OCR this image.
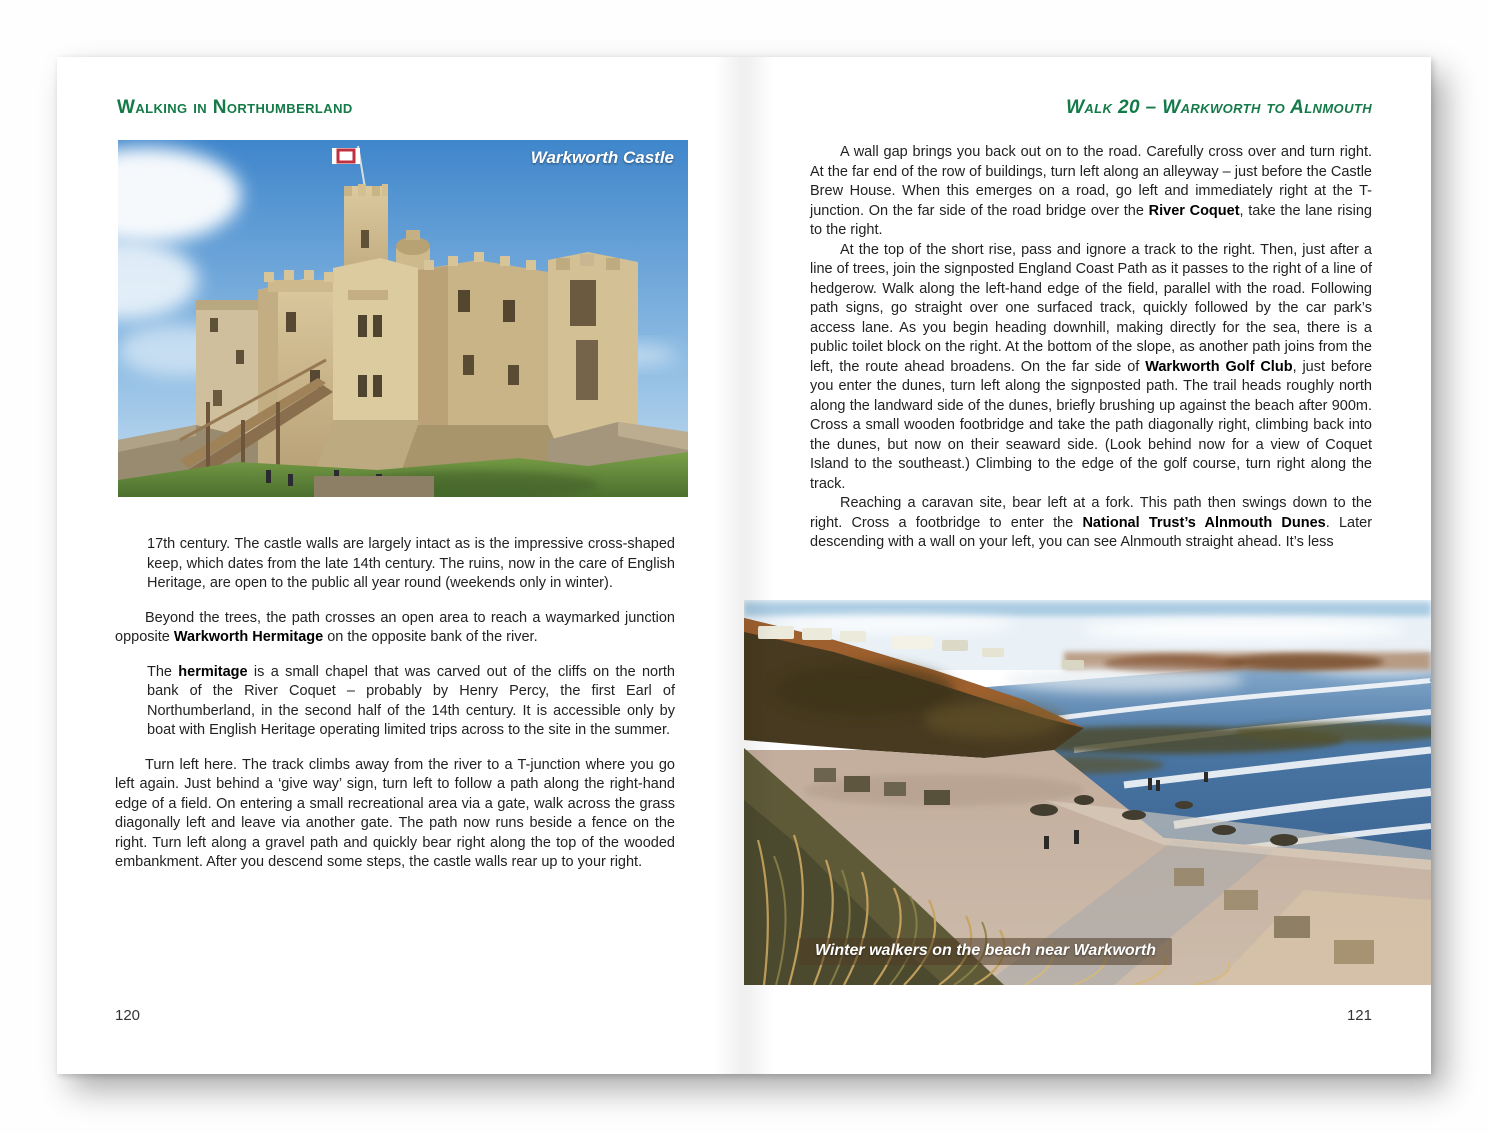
Walking in Northumberland
Warkworth Castle

17th century. The castle walls are largely intact as is the impressive cross-shaped keep, which dates from the late 14th century. The ruins, now in the care of English Heritage, are open to the public all year round (weekends only in winter).

Beyond the trees, the path crosses an open area to reach a waymarked junction opposite Warkworth Hermitage on the opposite bank of the river.

The hermitage is a small chapel that was carved out of the cliffs on the north bank of the River Coquet – probably by Henry Percy, the first Earl of Northumberland, in the second half of the 14th century. It is accessible only by boat with English Heritage operating limited trips across to the site in the summer.

Turn left here. The track climbs away from the river to a T-junction where you go left again. Just behind a ‘give way’ sign, turn left to follow a path along the right-hand edge of a field. On entering a small recreational area via a gate, walk across the grass diagonally left and leave via another gate. The path now runs beside a fence on the right. Turn left along a gravel path and quickly bear right along the top of the wooded embankment. After you descend some steps, the castle walls rear up to your right.

120
Walk 20 – Warkworth to Alnmouth

A wall gap brings you back out on to the road. Carefully cross over and turn right. At the far end of the row of buildings, turn left along an alleyway – just before the Castle Brew House. When this emerges on a road, go left and immediately right at the T-junction. On the far side of the road bridge over the River Coquet, take the lane rising to the right.

At the top of the short rise, pass and ignore a track to the right. Then, just after a line of trees, join the signposted England Coast Path as it passes to the right of a line of hedgerow. Walk along the left-hand edge of the field, parallel with the road. Following path signs, go straight over one surfaced track, quickly followed by the car park’s access lane. As you begin heading downhill, making directly for the sea, there is a public toilet block on the right. At the bottom of the slope, as another path joins from the left, the route ahead broadens. On the far side of Warkworth Golf Club, just before you enter the dunes, turn left along the signposted path. The trail heads roughly north along the landward side of the dunes, briefly brushing up against the beach after 900m. Cross a small wooden footbridge and take the path diagonally right, climbing back into the dunes, but now on their seaward side. (Look behind now for a view of Coquet Island to the southeast.) Climbing to the edge of the golf course, turn right along the track.

Reaching a caravan site, bear left at a fork. This path then swings down to the right. Cross a footbridge to enter the National Trust’s Alnmouth Dunes. Later descending with a wall on your left, you can see Alnmouth straight ahead. It’s less

Winter walkers on the beach near Warkworth
121
